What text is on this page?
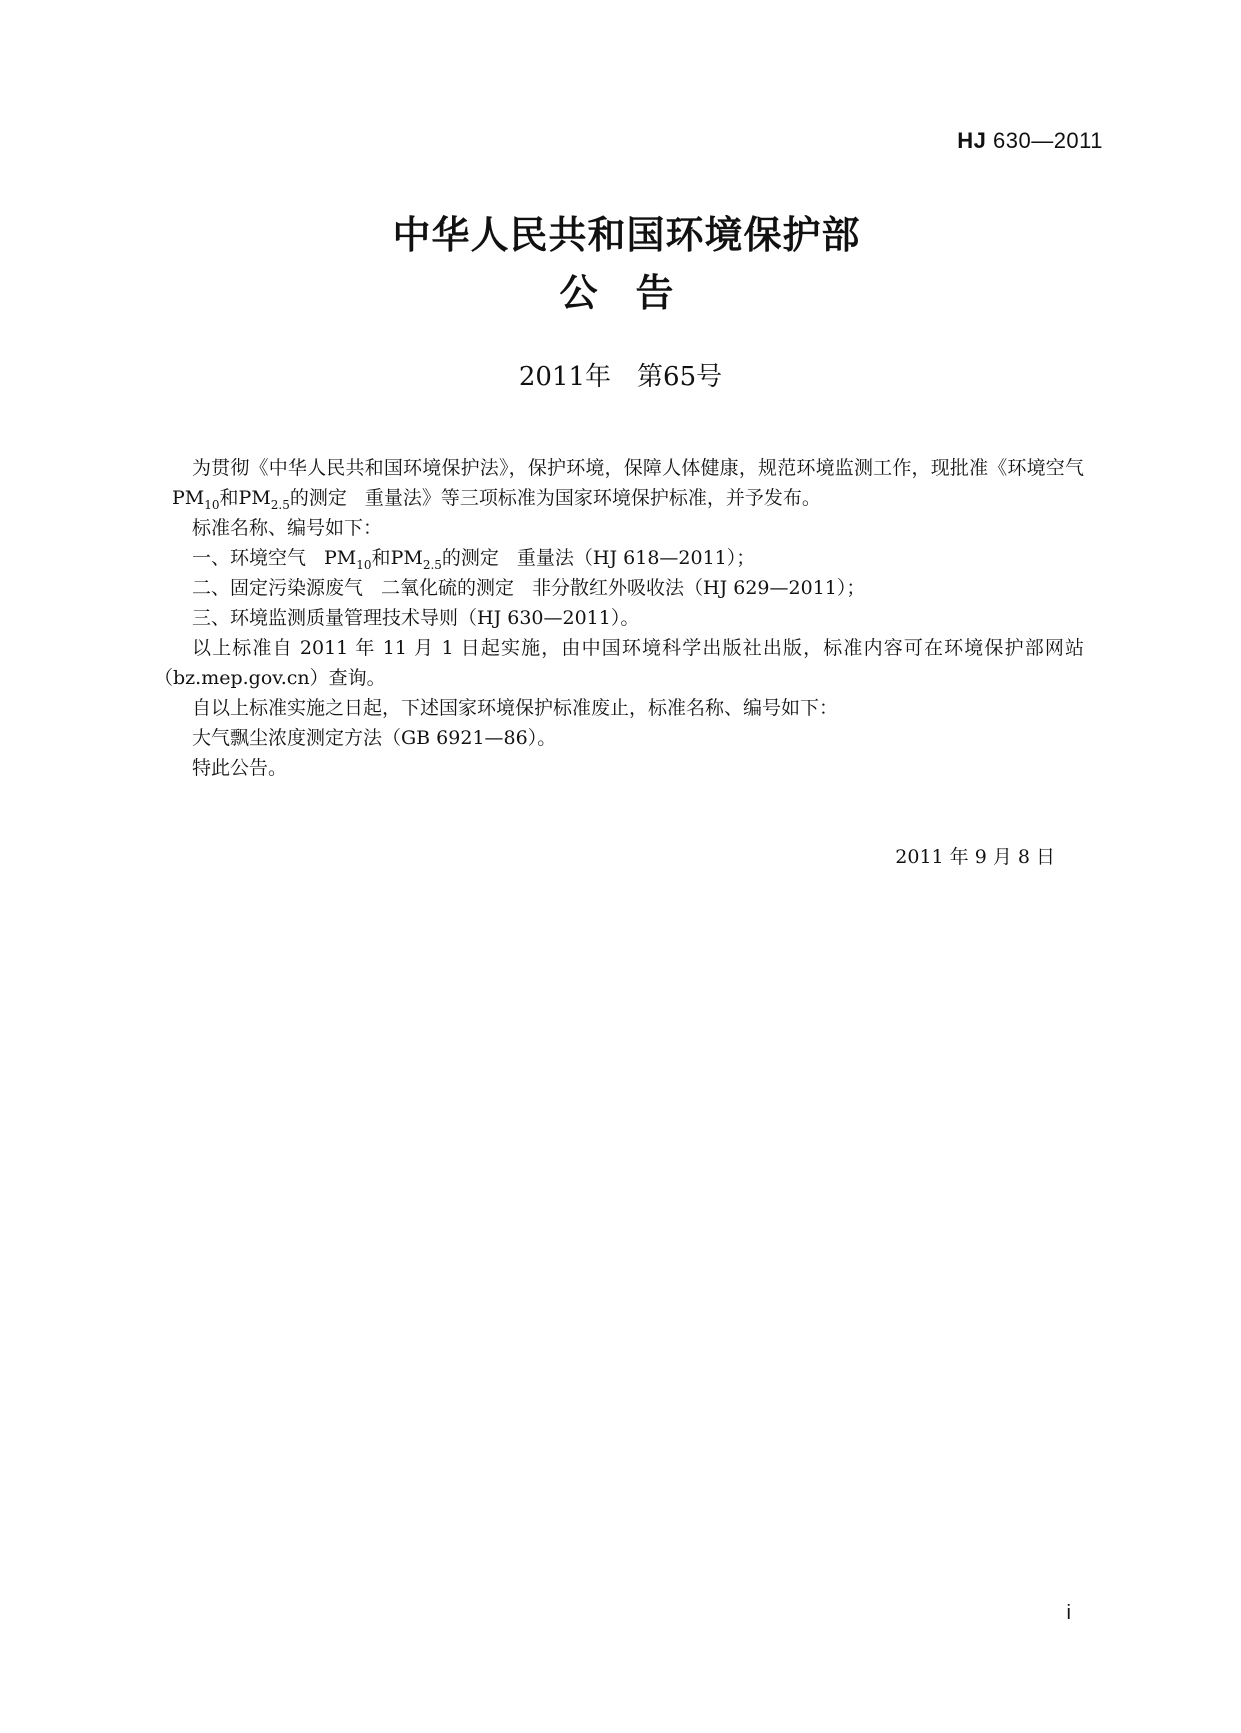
HJ 630—2011
中华人民共和国环境保护部
公告
2011年 第65号

为贯彻《中华人民共和国环境保护法》，保护环境，保障人体健康，规范环境监测工作，现批准《环境空气$PM_{10}$和$PM_{2.5}$的测定 重量法》等三项标准为国家环境保护标准，并予发布。

标准名称、编号如下：

一、环境空气 $PM_{10}$和$PM_{2.5}$的测定 重量法（HJ 618—2011）；

二、固定污染源废气 二氧化硫的测定 非分散红外吸收法（HJ 629—2011）；

三、环境监测质量管理技术导则（HJ 630—2011）。

以上标准自 2011 年 11 月 1 日起实施，由中国环境科学出版社出版，标准内容可在环境保护部网站（bz.mep.gov.cn）查询。

自以上标准实施之日起，下述国家环境保护标准废止，标准名称、编号如下：

大气飘尘浓度测定方法（GB 6921—86）。

特此公告。

2011 年 9 月 8 日
i
